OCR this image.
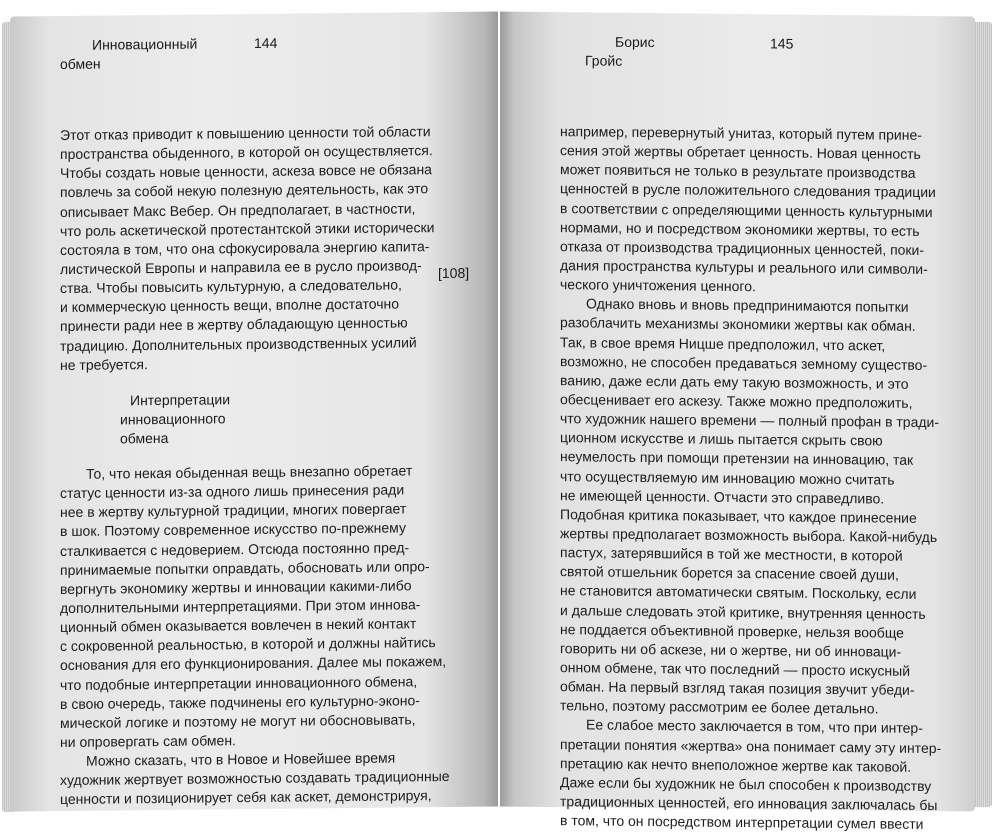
Инновационный
обмен
144
Этот отказ приводит к повышению ценности той области
пространства обыденного, в которой он осуществляется.
Чтобы создать новые ценности, аскеза вовсе не обязана
повлечь за собой некую полезную деятельность, как это
описывает Макс Вебер. Он предполагает, в частности,
что роль аскетической протестантской этики исторически
состояла в том, что она сфокусировала энергию капита-
листической Европы и направила ее в русло производ-
ства. Чтобы повысить культурную, а следовательно,
и коммерческую ценность вещи, вполне достаточно
принести ради нее в жертву обладающую ценностью
традицию. Дополнительных производственных усилий
не требуется.
[108]
Интерпретации
инновационного
обмена
То, что некая обыденная вещь внезапно обретает
статус ценности из-за одного лишь принесения ради
нее в жертву культурной традиции, многих повергает
в шок. Поэтому современное искусство по-прежнему
сталкивается с недоверием. Отсюда постоянно пред-
принимаемые попытки оправдать, обосновать или опро-
вергнуть экономику жертвы и инновации какими-либо
дополнительными интерпретациями. При этом иннова-
ционный обмен оказывается вовлечен в некий контакт
с сокровенной реальностью, в которой и должны найтись
основания для его функционирования. Далее мы покажем,
что подобные интерпретации инновационного обмена,
в свою очередь, также подчинены его культурно-эконо-
мической логике и поэтому не могут ни обосновывать,
ни опровергать сам обмен.
Можно сказать, что в Новое и Новейшее время
художник жертвует возможностью создавать традиционные
ценности и позиционирует себя как аскет, демонстрируя,
Борис
Гройс
145
например, перевернутый унитаз, который путем прине-
сения этой жертвы обретает ценность. Новая ценность
может появиться не только в результате производства
ценностей в русле положительного следования традиции
в соответствии с определяющими ценность культурными
нормами, но и посредством экономики жертвы, то есть
отказа от производства традиционных ценностей, поки-
дания пространства культуры и реального или символи-
ческого уничтожения ценного.
Однако вновь и вновь предпринимаются попытки
разоблачить механизмы экономики жертвы как обман.
Так, в свое время Ницше предположил, что аскет,
возможно, не способен предаваться земному существо-
ванию, даже если дать ему такую возможность, и это
обесценивает его аскезу. Также можно предположить,
что художник нашего времени — полный профан в тради-
ционном искусстве и лишь пытается скрыть свою
неумелость при помощи претензии на инновацию, так
что осуществляемую им инновацию можно считать
не имеющей ценности. Отчасти это справедливо.
Подобная критика показывает, что каждое принесение
жертвы предполагает возможность выбора. Какой-нибудь
пастух, затерявшийся в той же местности, в которой
святой отшельник борется за спасение своей души,
не становится автоматически святым. Поскольку, если
и дальше следовать этой критике, внутренняя ценность
не поддается объективной проверке, нельзя вообще
говорить ни об аскезе, ни о жертве, ни об инноваци-
онном обмене, так что последний — просто искусный
обман. На первый взгляд такая позиция звучит убеди-
тельно, поэтому рассмотрим ее более детально.
Ее слабое место заключается в том, что при интер-
претации понятия «жертва» она понимает саму эту интер-
претацию как нечто внеположное жертве как таковой.
Даже если бы художник не был способен к производству
традиционных ценностей, его инновация заключалась бы
в том, что он посредством интерпретации сумел ввести
